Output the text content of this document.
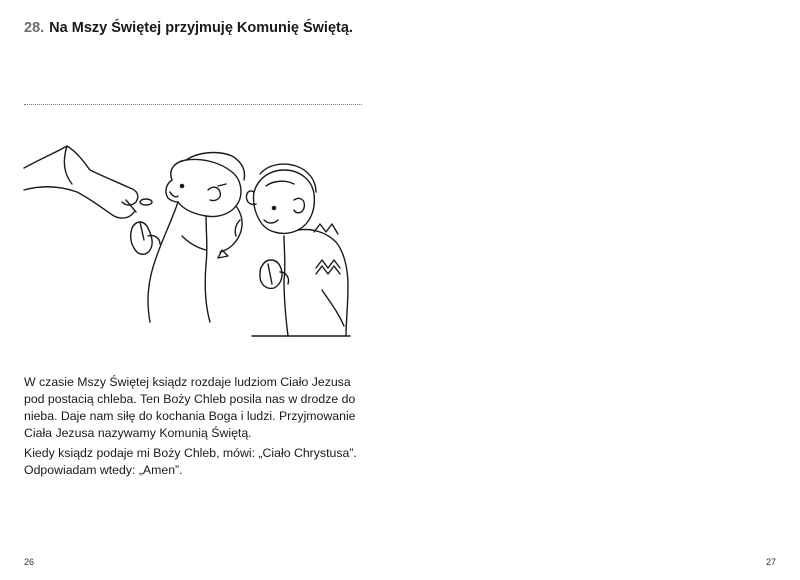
28. Na Mszy Świętej przyjmuję Komunię Świętą.

W czasie Mszy Świętej ksiądz rozdaje ludziom Ciało Jezusa pod postacią chleba. Ten Boży Chleb posila nas w drodze do nieba. Daje nam siłę do kochania Boga i ludzi. Przyjmowanie Ciała Jezusa nazywamy Komunią Świętą.

Kiedy ksiądz podaje mi Boży Chleb, mówi: „Ciało Chrystusa”. Odpowiadam wtedy: „Amen”.

26	27
